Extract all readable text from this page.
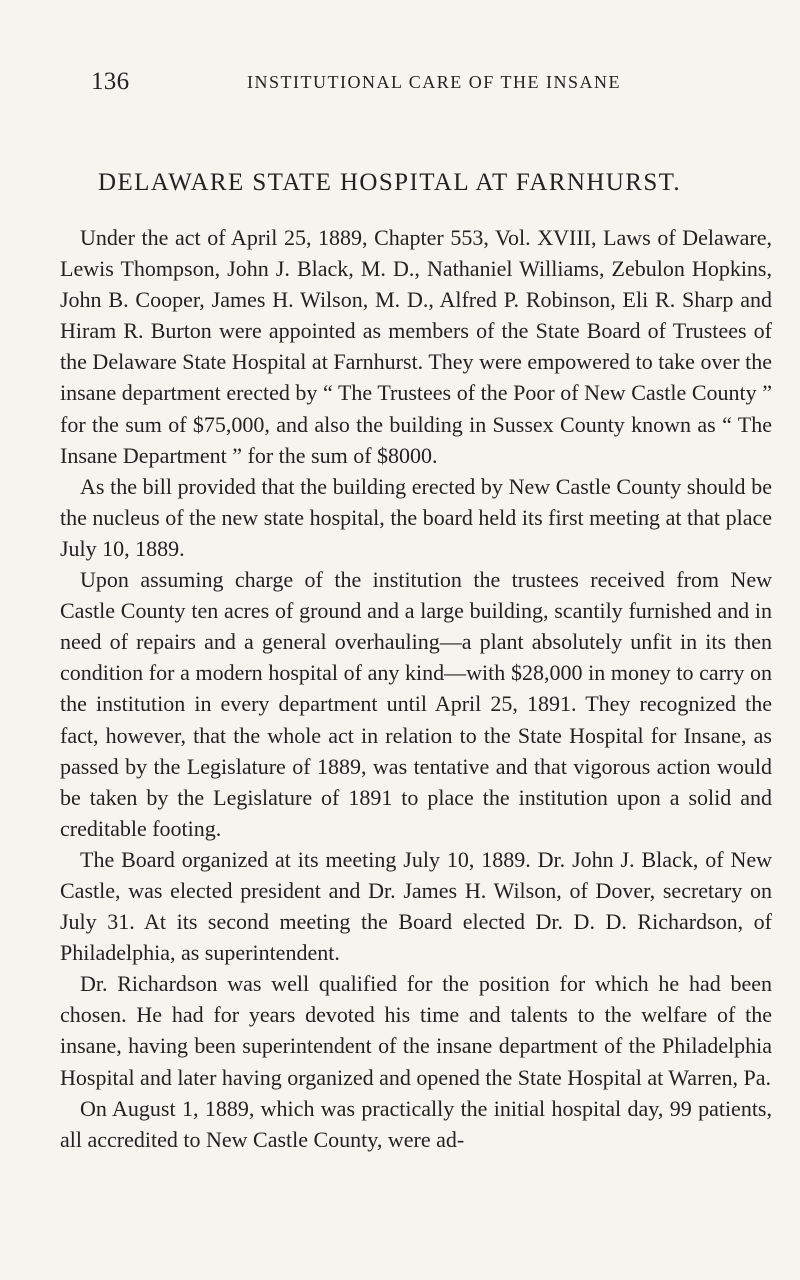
136	INSTITUTIONAL CARE OF THE INSANE
DELAWARE STATE HOSPITAL AT FARNHURST.

Under the act of April 25, 1889, Chapter 553, Vol. XVIII, Laws of Delaware, Lewis Thompson, John J. Black, M. D., Nathaniel Williams, Zebulon Hopkins, John B. Cooper, James H. Wilson, M. D., Alfred P. Robinson, Eli R. Sharp and Hiram R. Burton were appointed as members of the State Board of Trustees of the Delaware State Hospital at Farnhurst. They were empowered to take over the insane department erected by “ The Trustees of the Poor of New Castle County ” for the sum of $75,000, and also the building in Sussex County known as “ The Insane Department ” for the sum of $8000.

As the bill provided that the building erected by New Castle County should be the nucleus of the new state hospital, the board held its first meeting at that place July 10, 1889.

Upon assuming charge of the institution the trustees received from New Castle County ten acres of ground and a large building, scantily furnished and in need of repairs and a general overhauling—a plant absolutely unfit in its then condition for a modern hospital of any kind—with $28,000 in money to carry on the institution in every department until April 25, 1891. They recognized the fact, however, that the whole act in relation to the State Hospital for Insane, as passed by the Legislature of 1889, was tentative and that vigorous action would be taken by the Legislature of 1891 to place the institution upon a solid and creditable footing.

The Board organized at its meeting July 10, 1889. Dr. John J. Black, of New Castle, was elected president and Dr. James H. Wilson, of Dover, secretary on July 31. At its second meeting the Board elected Dr. D. D. Richardson, of Philadelphia, as superintendent.

Dr. Richardson was well qualified for the position for which he had been chosen. He had for years devoted his time and talents to the welfare of the insane, having been superintendent of the insane department of the Philadelphia Hospital and later having organized and opened the State Hospital at Warren, Pa.

On August 1, 1889, which was practically the initial hospital day, 99 patients, all accredited to New Castle County, were ad-
